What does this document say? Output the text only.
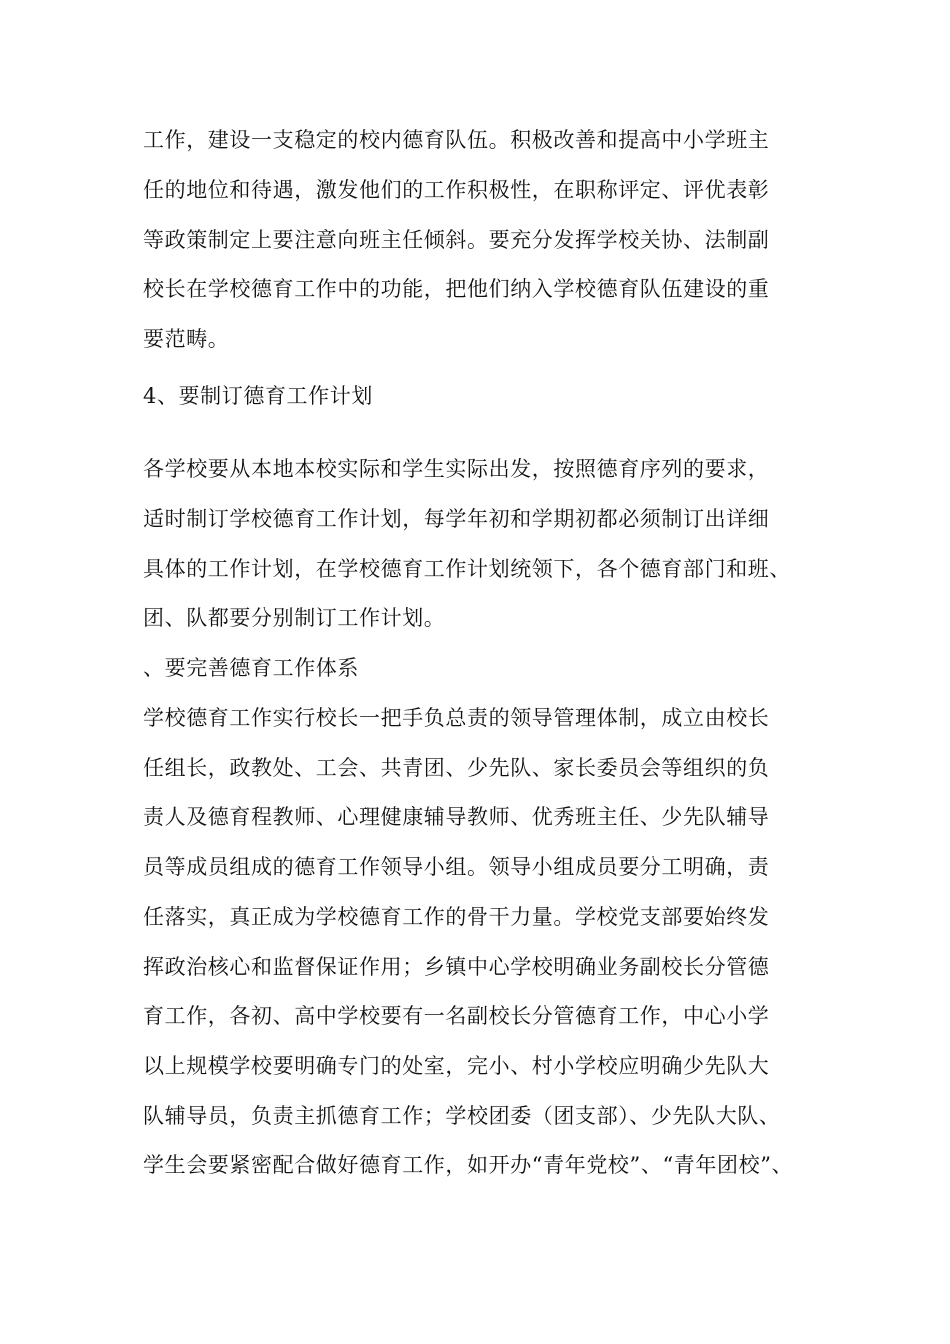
工作，建设一支稳定的校内德育队伍。积极改善和提高中小学班主
任的地位和待遇，激发他们的工作积极性，在职称评定、评优表彰
等政策制定上要注意向班主任倾斜。要充分发挥学校关协、法制副
校长在学校德育工作中的功能，把他们纳入学校德育队伍建设的重
要范畴。
4、要制订德育工作计划
各学校要从本地本校实际和学生实际出发，按照德育序列的要求，
适时制订学校德育工作计划，每学年初和学期初都必须制订出详细
具体的工作计划，在学校德育工作计划统领下，各个德育部门和班、
团、队都要分别制订工作计划。
、要完善德育工作体系
学校德育工作实行校长一把手负总责的领导管理体制，成立由校长
任组长，政教处、工会、共青团、少先队、家长委员会等组织的负
责人及德育程教师、心理健康辅导教师、优秀班主任、少先队辅导
员等成员组成的德育工作领导小组。领导小组成员要分工明确，责
任落实，真正成为学校德育工作的骨干力量。学校党支部要始终发
挥政治核心和监督保证作用；乡镇中心学校明确业务副校长分管德
育工作，各初、高中学校要有一名副校长分管德育工作，中心小学
以上规模学校要明确专门的处室，完小、村小学校应明确少先队大
队辅导员，负责主抓德育工作；学校团委（团支部）、少先队大队、
学生会要紧密配合做好德育工作，如开办“青年党校”、“青年团校”、
